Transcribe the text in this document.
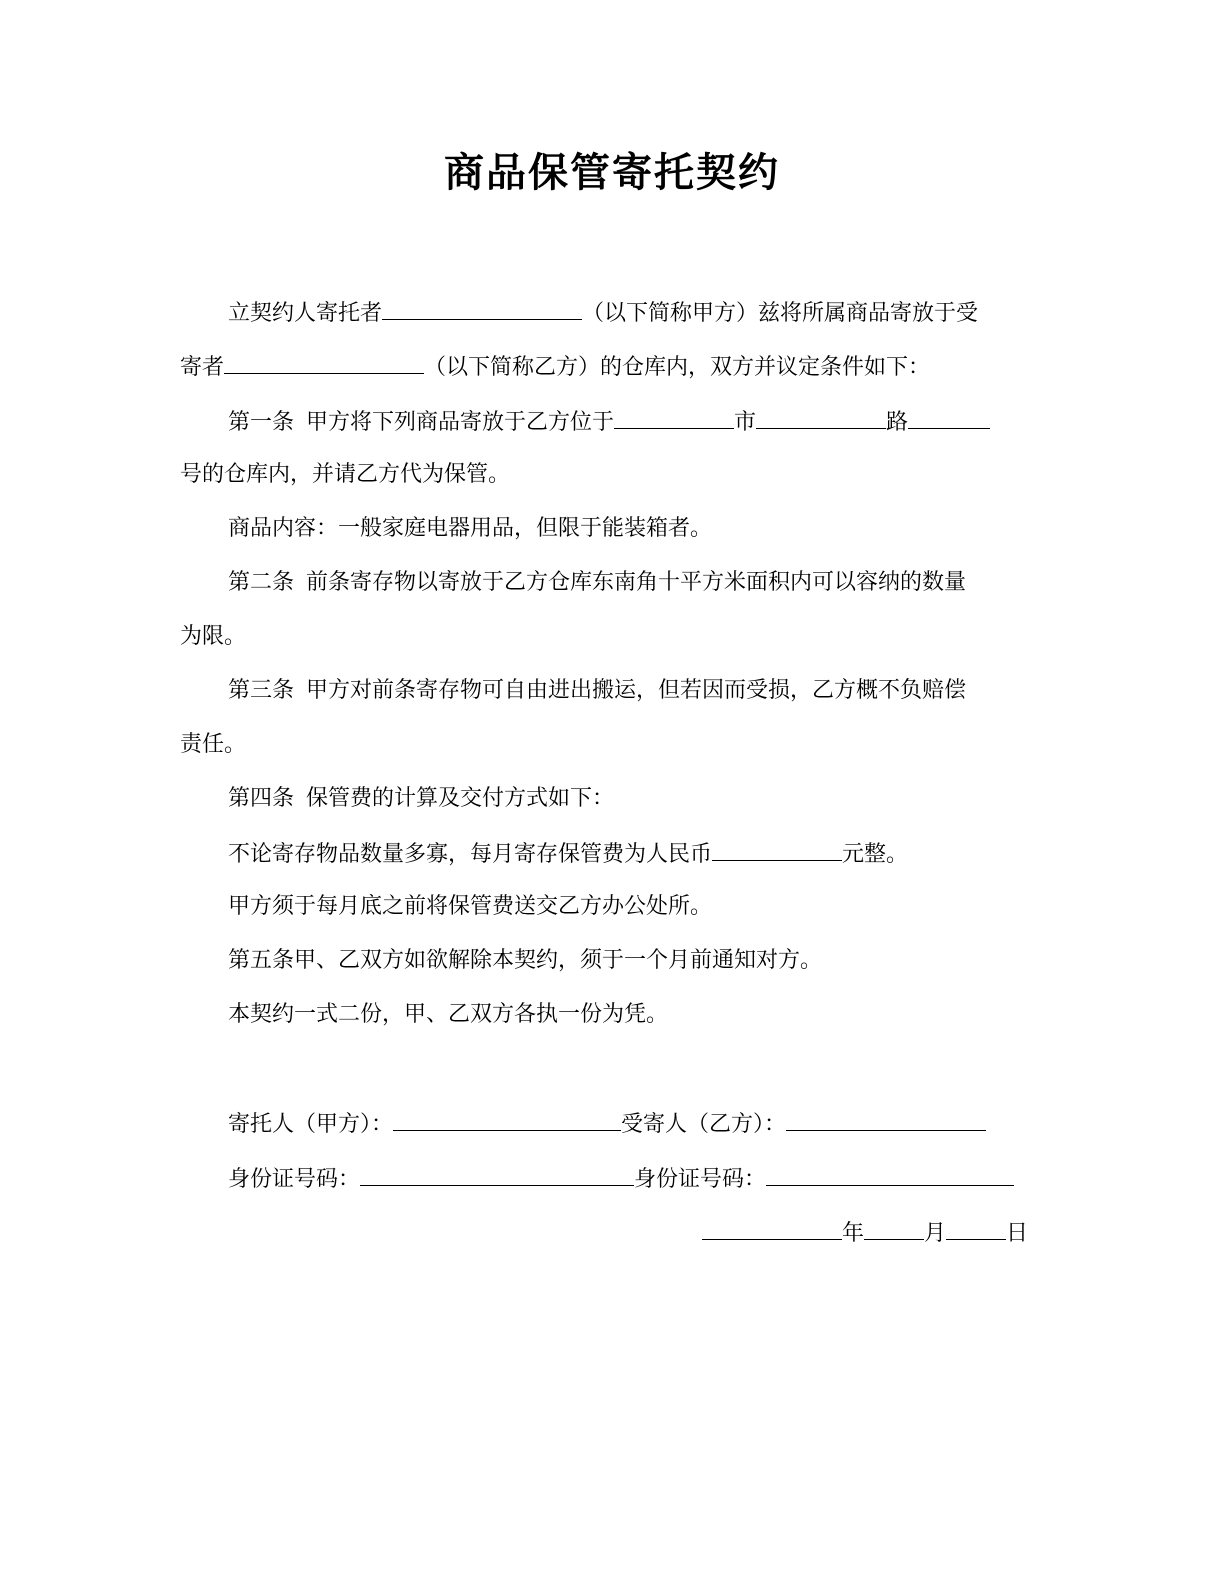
商品保管寄托契约
立契约人寄托者	（以下简称甲方）兹将所属商品寄放于受
寄者	（以下简称乙方）的仓库内，双方并议定条件如下：
第一条 甲方将下列商品寄放于乙方位于	市	路
号的仓库内，并请乙方代为保管。
商品内容：一般家庭电器用品，但限于能装箱者。
第二条 前条寄存物以寄放于乙方仓库东南角十平方米面积内可以容纳的数量
为限。
第三条 甲方对前条寄存物可自由进出搬运，但若因而受损，乙方概不负赔偿
责任。
第四条 保管费的计算及交付方式如下：
不论寄存物品数量多寡，每月寄存保管费为人民币	元整。
甲方须于每月底之前将保管费送交乙方办公处所。
第五条甲、乙双方如欲解除本契约，须于一个月前通知对方。
本契约一式二份，甲、乙双方各执一份为凭。
寄托人（甲方）：	受寄人（乙方）：
身份证号码：	身份证号码：
年	月	日
